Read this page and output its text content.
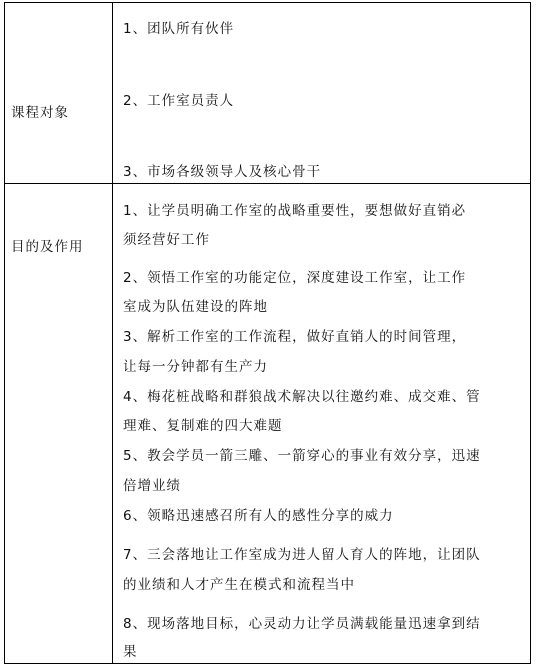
课程对象
1、团队所有伙伴
2、工作室员责人
3、市场各级领导人及核心骨干
目的及作用
1、让学员明确工作室的战略重要性，要想做好直销必
须经营好工作
2、领悟工作室的功能定位，深度建设工作室，让工作
室成为队伍建设的阵地
3、解析工作室的工作流程，做好直销人的时间管理，
让每一分钟都有生产力
4、梅花桩战略和群狼战术解决以往邀约难、成交难、管
理难、复制难的四大难题
5、教会学员一箭三雕、一箭穿心的事业有效分享，迅速
倍增业绩
6、领略迅速感召所有人的感性分享的威力
7、三会落地让工作室成为进人留人育人的阵地，让团队
的业绩和人才产生在模式和流程当中
8、现场落地目标，心灵动力让学员满载能量迅速拿到结
果
